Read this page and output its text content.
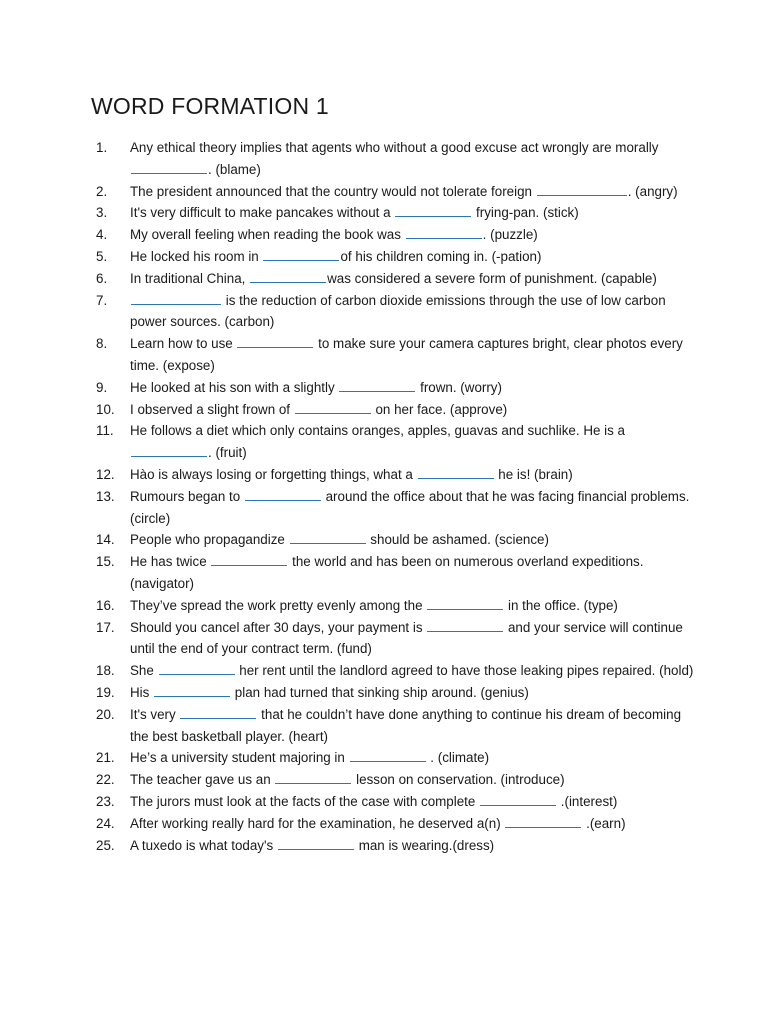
WORD FORMATION 1
1.	Any ethical theory implies that agents who without a good excuse act wrongly are morally . (blame)
2.	The president announced that the country would not tolerate foreign	. (angry)
3.	It's very difficult to make pancakes without a	frying-pan. (stick)
4.	My overall feeling when reading the book was	. (puzzle)
5.	He locked his room in	of his children coming in. (-pation)
6.	In traditional China,	was considered a severe form of punishment. (capable)
7.	is the reduction of carbon dioxide emissions through the use of low carbon power sources. (carbon)
8.	Learn how to use	to make sure your camera captures bright, clear photos every time. (expose)
9.	He looked at his son with a slightly	frown. (worry)
10.	I observed a slight frown of	on her face. (approve)
11.	He follows a diet which only contains oranges, apples, guavas and suchlike. He is a . (fruit)
12.	Hào is always losing or forgetting things, what a	he is! (brain)
13.	Rumours began to	around the office about that he was facing financial problems. (circle)
14.	People who propagandize	should be ashamed. (science)
15.	He has twice	the world and has been on numerous overland expeditions. (navigator)
16.	They’ve spread the work pretty evenly among the	in the office. (type)
17.	Should you cancel after 30 days, your payment is	and your service will continue until the end of your contract term. (fund)
18.	She	her rent until the landlord agreed to have those leaking pipes repaired. (hold)
19.	His	plan had turned that sinking ship around. (genius)
20.	It's very	that he couldn’t have done anything to continue his dream of becoming the best basketball player. (heart)
21.	He’s a university student majoring in	. (climate)
22.	The teacher gave us an	lesson on conservation. (introduce)
23.	The jurors must look at the facts of the case with complete	.(interest)
24.	After working really hard for the examination, he deserved a(n)	.(earn)
25.	A tuxedo is what today's	man is wearing.(dress)
